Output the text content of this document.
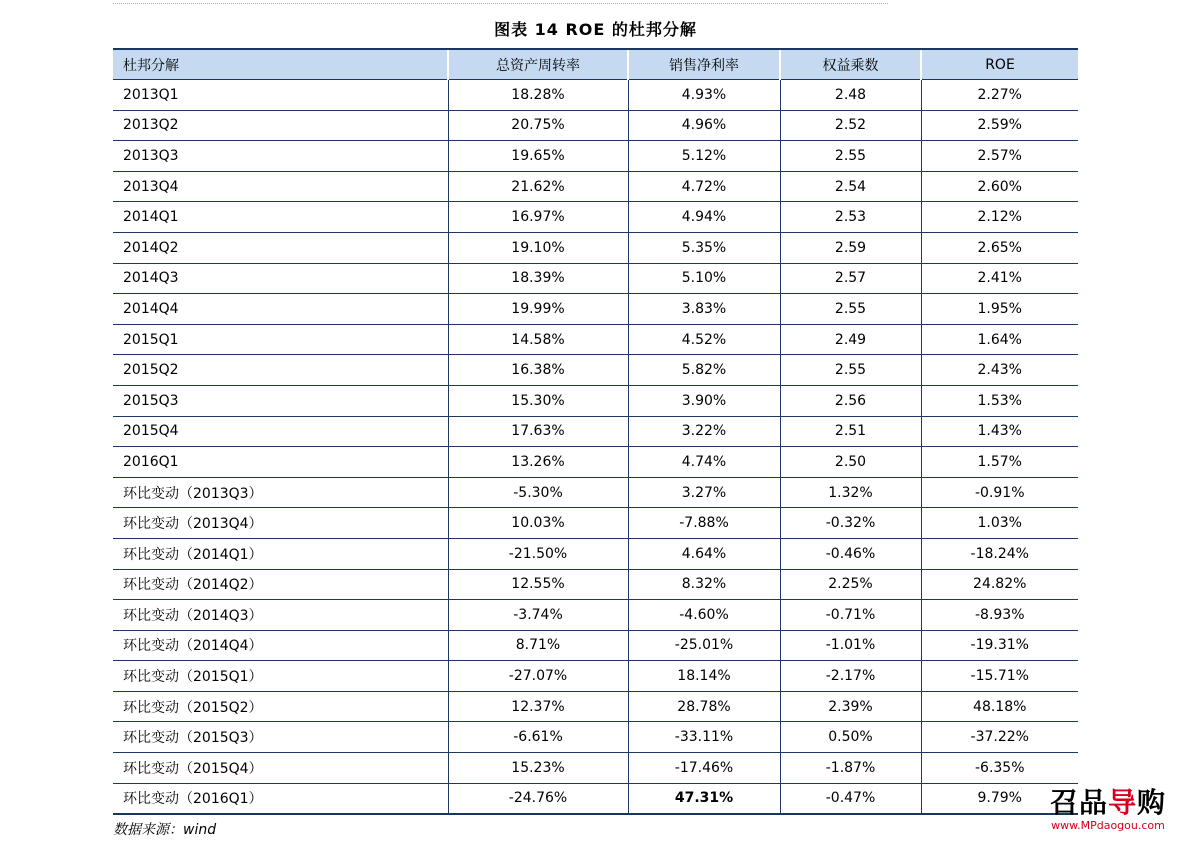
图表 14 ROE 的杜邦分解
杜邦分解	总资产周转率	销售净利率	权益乘数	ROE
2013Q1	18.28%	4.93%	2.48	2.27%
2013Q2	20.75%	4.96%	2.52	2.59%
2013Q3	19.65%	5.12%	2.55	2.57%
2013Q4	21.62%	4.72%	2.54	2.60%
2014Q1	16.97%	4.94%	2.53	2.12%
2014Q2	19.10%	5.35%	2.59	2.65%
2014Q3	18.39%	5.10%	2.57	2.41%
2014Q4	19.99%	3.83%	2.55	1.95%
2015Q1	14.58%	4.52%	2.49	1.64%
2015Q2	16.38%	5.82%	2.55	2.43%
2015Q3	15.30%	3.90%	2.56	1.53%
2015Q4	17.63%	3.22%	2.51	1.43%
2016Q1	13.26%	4.74%	2.50	1.57%
环比变动（2013Q3）	-5.30%	3.27%	1.32%	-0.91%
环比变动（2013Q4）	10.03%	-7.88%	-0.32%	1.03%
环比变动（2014Q1）	-21.50%	4.64%	-0.46%	-18.24%
环比变动（2014Q2）	12.55%	8.32%	2.25%	24.82%
环比变动（2014Q3）	-3.74%	-4.60%	-0.71%	-8.93%
环比变动（2014Q4）	8.71%	-25.01%	-1.01%	-19.31%
环比变动（2015Q1）	-27.07%	18.14%	-2.17%	-15.71%
环比变动（2015Q2）	12.37%	28.78%	2.39%	48.18%
环比变动（2015Q3）	-6.61%	-33.11%	0.50%	-37.22%
环比变动（2015Q4）	15.23%	-17.46%	-1.87%	-6.35%
环比变动（2016Q1）	-24.76%	47.31%	-0.47%	9.79%
数据来源：wind
召品导购
www.MPdaogou.com
